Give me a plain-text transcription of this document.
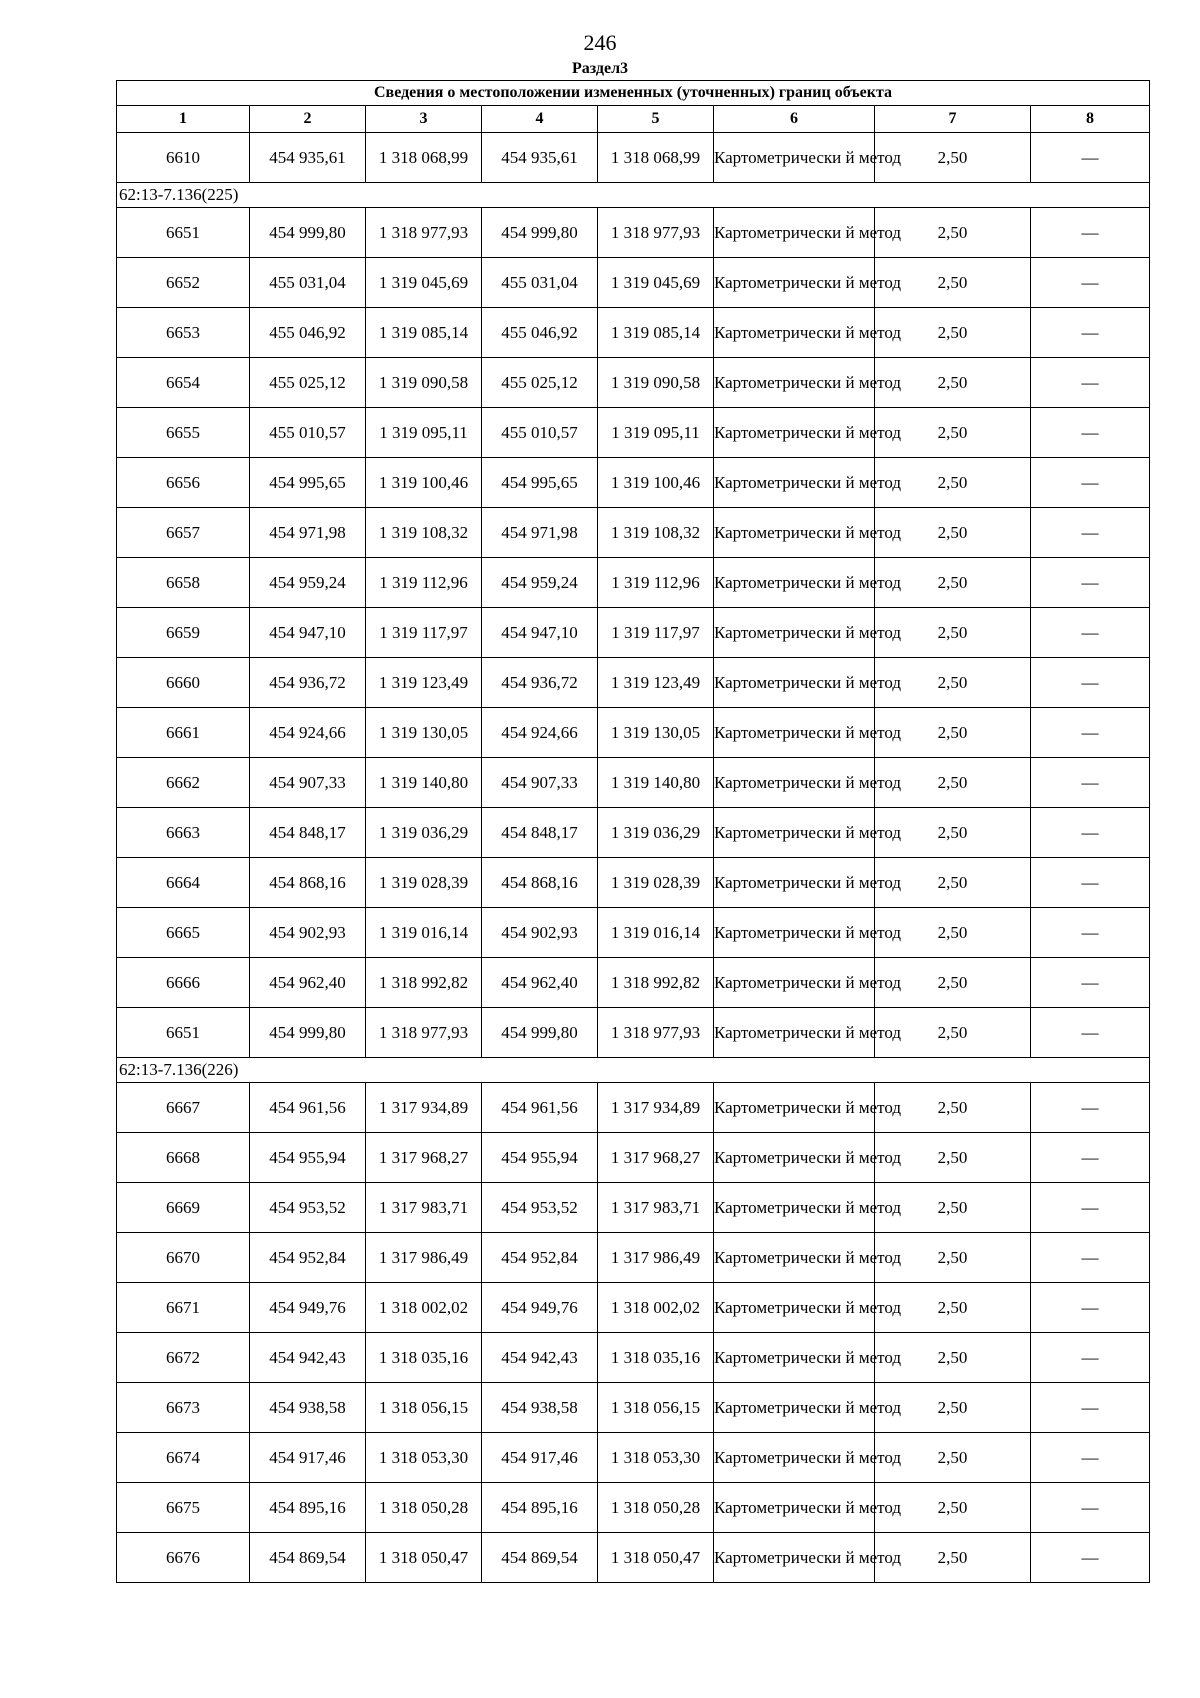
246
Раздел3
Сведения о местоположении измененных (уточненных) границ объекта							
1	2	3	4	5	6	7	8
6610	454 935,61	1 318 068,99	454 935,61	1 318 068,99	Картометрически й метод	2,50	—
62:13-7.136(225)							
6651	454 999,80	1 318 977,93	454 999,80	1 318 977,93	Картометрически й метод	2,50	—
6652	455 031,04	1 319 045,69	455 031,04	1 319 045,69	Картометрически й метод	2,50	—
6653	455 046,92	1 319 085,14	455 046,92	1 319 085,14	Картометрически й метод	2,50	—
6654	455 025,12	1 319 090,58	455 025,12	1 319 090,58	Картометрически й метод	2,50	—
6655	455 010,57	1 319 095,11	455 010,57	1 319 095,11	Картометрически й метод	2,50	—
6656	454 995,65	1 319 100,46	454 995,65	1 319 100,46	Картометрически й метод	2,50	—
6657	454 971,98	1 319 108,32	454 971,98	1 319 108,32	Картометрически й метод	2,50	—
6658	454 959,24	1 319 112,96	454 959,24	1 319 112,96	Картометрически й метод	2,50	—
6659	454 947,10	1 319 117,97	454 947,10	1 319 117,97	Картометрически й метод	2,50	—
6660	454 936,72	1 319 123,49	454 936,72	1 319 123,49	Картометрически й метод	2,50	—
6661	454 924,66	1 319 130,05	454 924,66	1 319 130,05	Картометрически й метод	2,50	—
6662	454 907,33	1 319 140,80	454 907,33	1 319 140,80	Картометрически й метод	2,50	—
6663	454 848,17	1 319 036,29	454 848,17	1 319 036,29	Картометрически й метод	2,50	—
6664	454 868,16	1 319 028,39	454 868,16	1 319 028,39	Картометрически й метод	2,50	—
6665	454 902,93	1 319 016,14	454 902,93	1 319 016,14	Картометрически й метод	2,50	—
6666	454 962,40	1 318 992,82	454 962,40	1 318 992,82	Картометрически й метод	2,50	—
6651	454 999,80	1 318 977,93	454 999,80	1 318 977,93	Картометрически й метод	2,50	—
62:13-7.136(226)							
6667	454 961,56	1 317 934,89	454 961,56	1 317 934,89	Картометрически й метод	2,50	—
6668	454 955,94	1 317 968,27	454 955,94	1 317 968,27	Картометрически й метод	2,50	—
6669	454 953,52	1 317 983,71	454 953,52	1 317 983,71	Картометрически й метод	2,50	—
6670	454 952,84	1 317 986,49	454 952,84	1 317 986,49	Картометрически й метод	2,50	—
6671	454 949,76	1 318 002,02	454 949,76	1 318 002,02	Картометрически й метод	2,50	—
6672	454 942,43	1 318 035,16	454 942,43	1 318 035,16	Картометрически й метод	2,50	—
6673	454 938,58	1 318 056,15	454 938,58	1 318 056,15	Картометрически й метод	2,50	—
6674	454 917,46	1 318 053,30	454 917,46	1 318 053,30	Картометрически й метод	2,50	—
6675	454 895,16	1 318 050,28	454 895,16	1 318 050,28	Картометрически й метод	2,50	—
6676	454 869,54	1 318 050,47	454 869,54	1 318 050,47	Картометрически й метод	2,50	—
